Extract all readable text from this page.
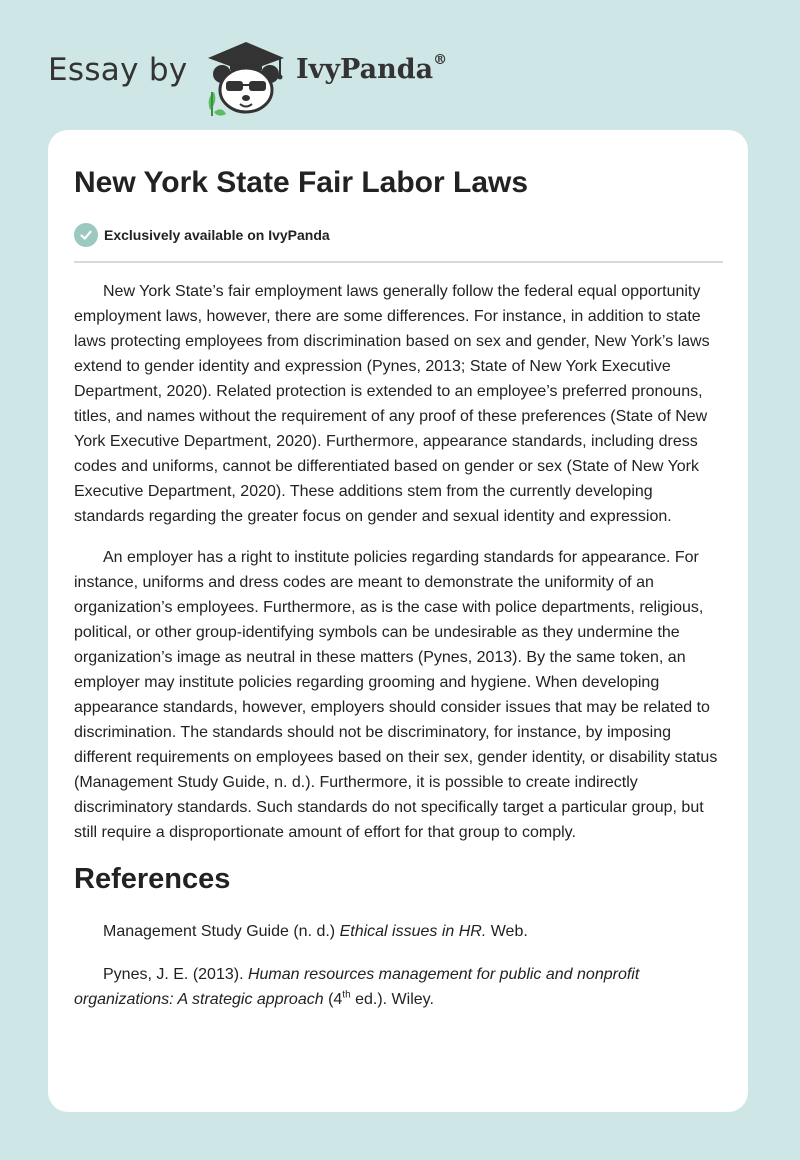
Essay by	IvyPanda®
New York State Fair Labor Laws
Exclusively available on IvyPanda

New York State’s fair employment laws generally follow the federal equal opportunity employment laws, however, there are some differences. For instance, in addition to state laws protecting employees from discrimination based on sex and gender, New York’s laws extend to gender identity and expression (Pynes, 2013; State of New York Executive Department, 2020). Related protection is extended to an employee’s preferred pronouns, titles, and names without the requirement of any proof of these preferences (State of New York Executive Department, 2020). Furthermore, appearance standards, including dress codes and uniforms, cannot be differentiated based on gender or sex (State of New York Executive Department, 2020). These additions stem from the currently developing standards regarding the greater focus on gender and sexual identity and expression.

An employer has a right to institute policies regarding standards for appearance. For instance, uniforms and dress codes are meant to demonstrate the uniformity of an organization’s employees. Furthermore, as is the case with police departments, religious, political, or other group-identifying symbols can be undesirable as they undermine the organization’s image as neutral in these matters (Pynes, 2013). By the same token, an employer may institute policies regarding grooming and hygiene. When developing appearance standards, however, employers should consider issues that may be related to discrimination. The standards should not be discriminatory, for instance, by imposing different requirements on employees based on their sex, gender identity, or disability status (Management Study Guide, n. d.). Furthermore, it is possible to create indirectly discriminatory standards. Such standards do not specifically target a particular group, but still require a disproportionate amount of effort for that group to comply.

References

Management Study Guide (n. d.) Ethical issues in HR. Web.

Pynes, J. E. (2013). Human resources management for public and nonprofit organizations: A strategic approach (4th ed.). Wiley.
